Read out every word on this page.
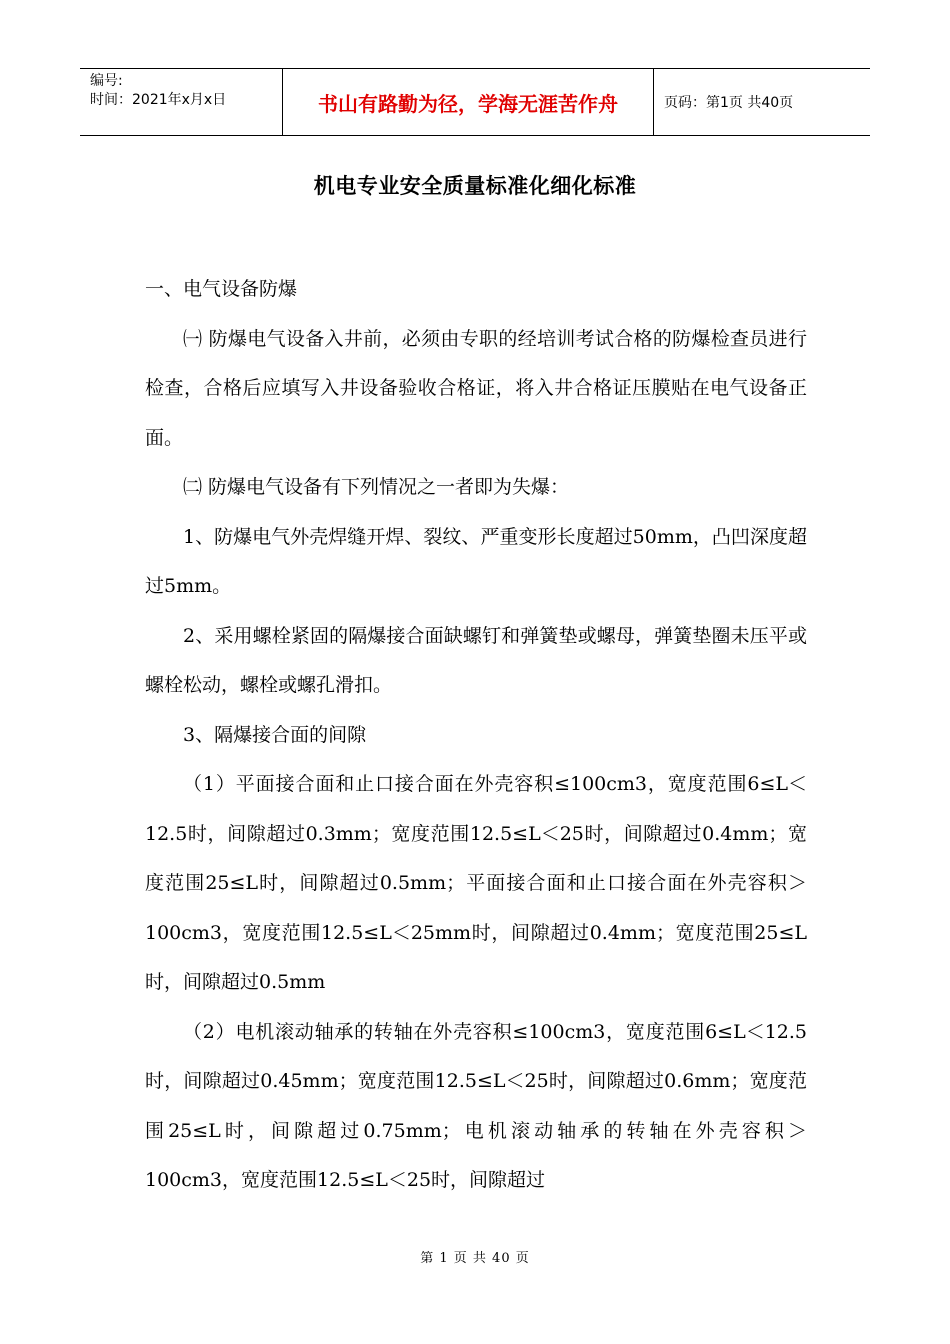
编号:
时间：2021年x月x日	书山有路勤为径，学海无涯苦作舟	页码：第1页 共40页
机电专业安全质量标准化细化标准

一、电气设备防爆

㈠ 防爆电气设备入井前，必须由专职的经培训考试合格的防爆检查员进行检查，合格后应填写入井设备验收合格证，将入井合格证压膜贴在电气设备正面。

㈡ 防爆电气设备有下列情况之一者即为失爆：

1、防爆电气外壳焊缝开焊、裂纹、严重变形长度超过50mm，凸凹深度超过5mm。

2、采用螺栓紧固的隔爆接合面缺螺钉和弹簧垫或螺母，弹簧垫圈未压平或螺栓松动，螺栓或螺孔滑扣。

3、隔爆接合面的间隙

（1）平面接合面和止口接合面在外壳容积≤100cm3，宽度范围6≤L＜12.5时，间隙超过0.3mm；宽度范围12.5≤L＜25时，间隙超过0.4mm；宽度范围25≤L时，间隙超过0.5mm；平面接合面和止口接合面在外壳容积＞100cm3，宽度范围12.5≤L＜25mm时，间隙超过0.4mm；宽度范围25≤L时，间隙超过0.5mm

（2）电机滚动轴承的转轴在外壳容积≤100cm3，宽度范围6≤L＜12.5时，间隙超过0.45mm；宽度范围12.5≤L＜25时，间隙超过0.6mm；宽度范围25≤L时，间隙超过0.75mm；电机滚动轴承的转轴在外壳容积＞100cm3，宽度范围12.5≤L＜25时，间隙超过

第 1 页 共 40 页
